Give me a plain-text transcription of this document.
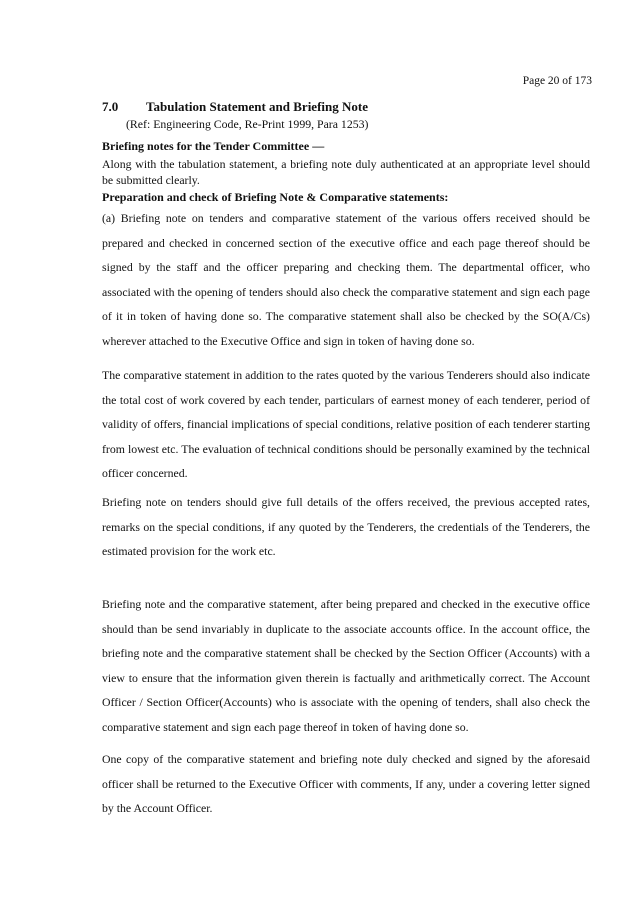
Page 20 of 173
7.0 Tabulation Statement and Briefing Note
(Ref: Engineering Code, Re-Print 1999, Para 1253)
Briefing notes for the Tender Committee —
Along with the tabulation statement, a briefing note duly authenticated at an appropriate level should be submitted clearly.
Preparation and check of Briefing Note & Comparative statements:
(a) Briefing note on tenders and comparative statement of the various offers received should be prepared and checked in concerned section of the executive office and each page thereof should be signed by the staff and the officer preparing and checking them. The departmental officer, who associated with the opening of tenders should also check the comparative statement and sign each page of it in token of having done so. The comparative statement shall also be checked by the SO(A/Cs) wherever attached to the Executive Office and sign in token of having done so.
The comparative statement in addition to the rates quoted by the various Tenderers should also indicate the total cost of work covered by each tender, particulars of earnest money of each tenderer, period of validity of offers, financial implications of special conditions, relative position of each tenderer starting from lowest etc. The evaluation of technical conditions should be personally examined by the technical officer concerned.
Briefing note on tenders should give full details of the offers received, the previous accepted rates, remarks on the special conditions, if any quoted by the Tenderers, the credentials of the Tenderers, the estimated provision for the work etc.
Briefing note and the comparative statement, after being prepared and checked in the executive office should than be send invariably in duplicate to the associate accounts office. In the account office, the briefing note and the comparative statement shall be checked by the Section Officer (Accounts) with a view to ensure that the information given therein is factually and arithmetically correct. The Account Officer / Section Officer(Accounts) who is associate with the opening of tenders, shall also check the comparative statement and sign each page thereof in token of having done so.
One copy of the comparative statement and briefing note duly checked and signed by the aforesaid officer shall be returned to the Executive Officer with comments, If any, under a covering letter signed by the Account Officer.
